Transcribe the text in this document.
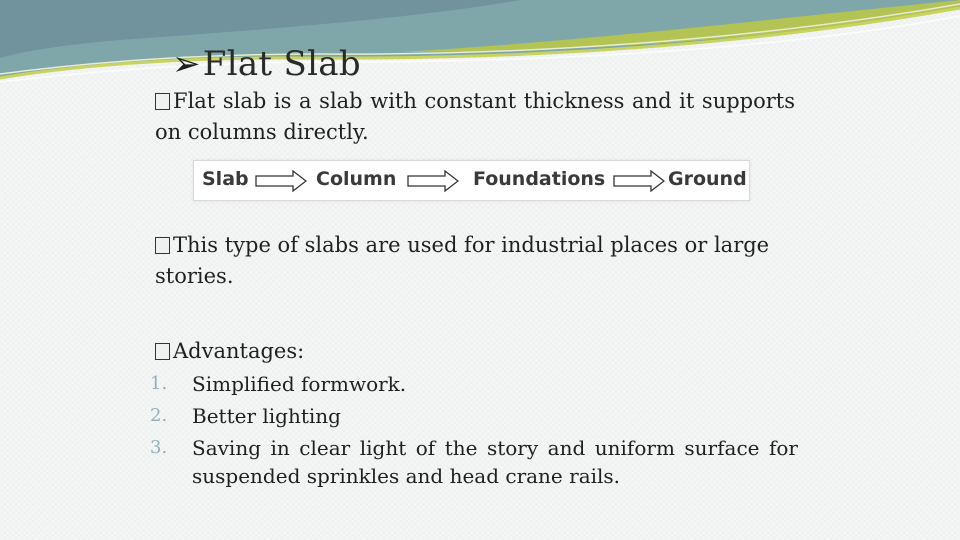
➢Flat Slab
Flat slab is a slab with constant thickness and it supports on columns directly.
Slab	Column	Foundations	Ground
This type of slabs are used for industrial places or large stories.
Advantages:
1. Simplified formwork.
2. Better lighting
3. Saving in clear light of the story and uniform surface for suspended sprinkles and head crane rails.
